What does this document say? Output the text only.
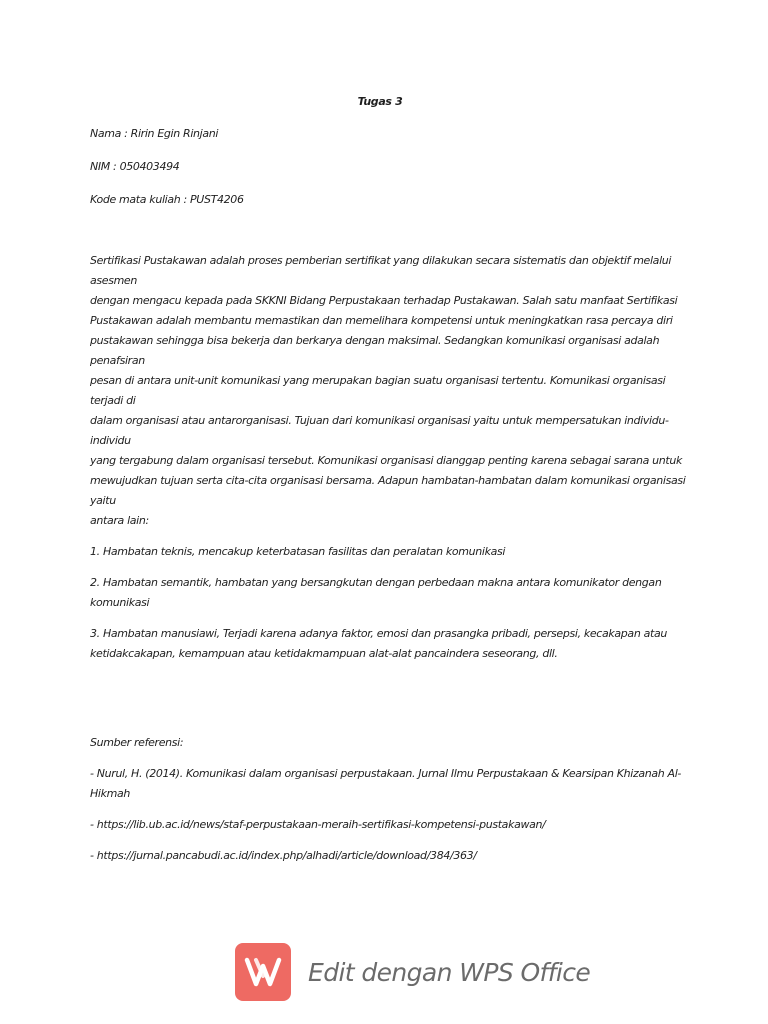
Tugas 3
Nama : Ririn Egin Rinjani
NIM : 050403494
Kode mata kuliah : PUST4206
Sertifikasi Pustakawan adalah proses pemberian sertifikat yang dilakukan secara sistematis dan objektif melalui asesmen
dengan mengacu kepada pada SKKNI Bidang Perpustakaan terhadap Pustakawan. Salah satu manfaat Sertifikasi
Pustakawan adalah membantu memastikan dan memelihara kompetensi untuk meningkatkan rasa percaya diri
pustakawan sehingga bisa bekerja dan berkarya dengan maksimal. Sedangkan komunikasi organisasi adalah penafsiran
pesan di antara unit-unit komunikasi yang merupakan bagian suatu organisasi tertentu. Komunikasi organisasi terjadi di
dalam organisasi atau antarorganisasi. Tujuan dari komunikasi organisasi yaitu untuk mempersatukan individu-individu
yang tergabung dalam organisasi tersebut. Komunikasi organisasi dianggap penting karena sebagai sarana untuk
mewujudkan tujuan serta cita-cita organisasi bersama. Adapun hambatan-hambatan dalam komunikasi organisasi yaitu
antara lain:
1. Hambatan teknis, mencakup keterbatasan fasilitas dan peralatan komunikasi
2. Hambatan semantik, hambatan yang bersangkutan dengan perbedaan makna antara komunikator dengan komunikasi
3. Hambatan manusiawi, Terjadi karena adanya faktor, emosi dan prasangka pribadi, persepsi, kecakapan atau
ketidakcakapan, kemampuan atau ketidakmampuan alat-alat pancaindera seseorang, dll.
Sumber referensi:
- Nurul, H. (2014). Komunikasi dalam organisasi perpustakaan. Jurnal Ilmu Perpustakaan & Kearsipan Khizanah Al-
Hikmah
- https://lib.ub.ac.id/news/staf-perpustakaan-meraih-sertifikasi-kompetensi-pustakawan/
- https://jurnal.pancabudi.ac.id/index.php/alhadi/article/download/384/363/
Edit dengan WPS Office
